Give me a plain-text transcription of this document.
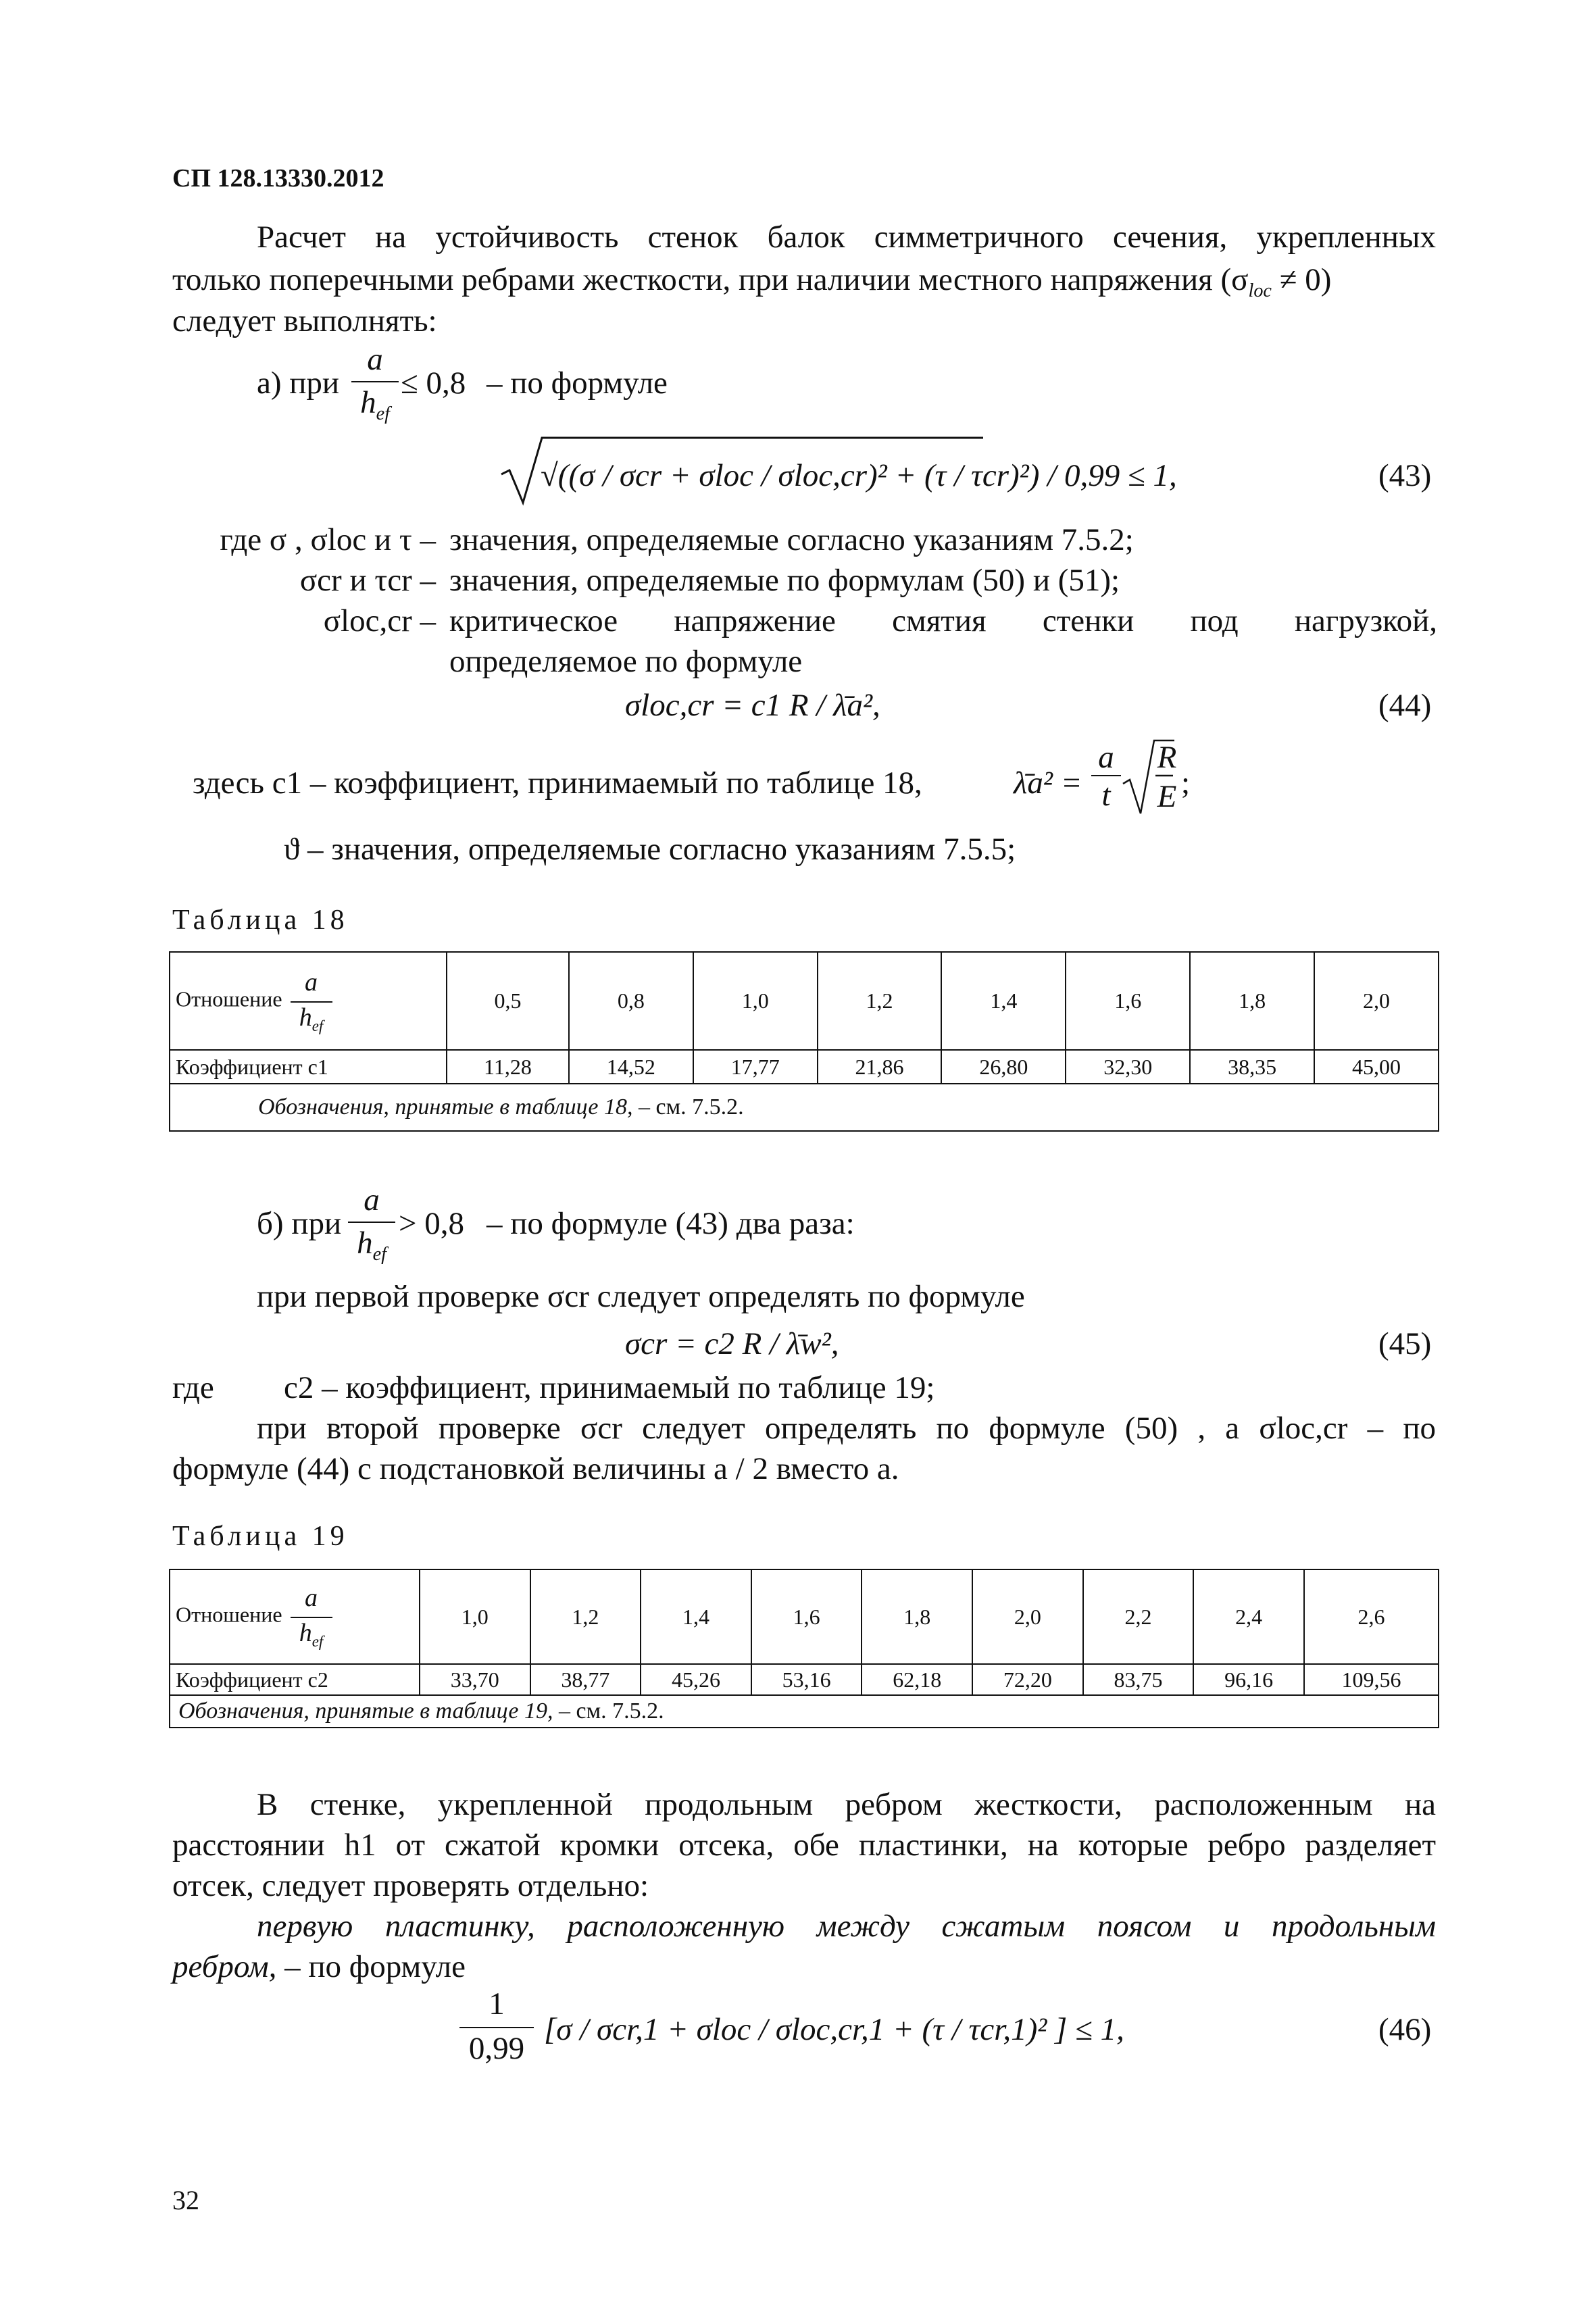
СП 128.13330.2012
Расчет на устойчивость стенок балок симметричного сечения, укрепленных
только поперечными ребрами жесткости, при наличии местного напряжения $(\sigma_{loc} \ne 0)$
следует выполнять:
а) при
a
$h_{ef}$
≤ 0,8 – по формуле
√((σ / σcr + σloc / σloc,cr)² + (τ / τcr)²) / 0,99 ≤ 1,	(43)
где σ , σloc и τ – значения, определяемые согласно указаниям 7.5.2;
σcr и τcr – значения, определяемые по формулам (50) и (51);
σloc,cr – критическое напряжение смятия стенки под нагрузкой,
определяемое по формуле
σloc,cr = c1 R / λ̄a²,	(44)
здесь c1 – коэффициент, принимаемый по таблице 18,	λ̄a² =
a
t
R
E ;
ϑ – значения, определяемые согласно указаниям 7.5.5;
Таблица 18
Отношение $\frac{a}{h_{ef}}$	0,5	0,8	1,0	1,2	1,4	1,6	1,8	2,0
Коэффициент c1	11,28	14,52	17,77	21,86	26,80	32,30	38,35	45,00
Обозначения, принятые в таблице 18, – см. 7.5.2.								
б) при
a
$h_{ef}$
> 0,8 – по формуле (43) два раза:
при первой проверке σcr следует определять по формуле
σcr = c2 R / λ̄w²,	(45)
где c2 – коэффициент, принимаемый по таблице 19;
при второй проверке σcr следует определять по формуле (50) , а σloc,cr – по
формуле (44) с подстановкой величины a / 2 вместо a.
Таблица 19
Отношение $\frac{a}{h_{ef}}$	1,0	1,2	1,4	1,6	1,8	2,0	2,2	2,4	2,6
Коэффициент c2	33,70	38,77	45,26	53,16	62,18	72,20	83,75	96,16	109,56
Обозначения, принятые в таблице 19, – см. 7.5.2.									
В стенке, укрепленной продольным ребром жесткости, расположенным на
расстоянии h1 от сжатой кромки отсека, обе пластинки, на которые ребро разделяет
отсек, следует проверять отдельно:
первую пластинку, расположенную между сжатым поясом и продольным
ребром, – по формуле
1
0,99
[σ / σcr,1 + σloc / σloc,cr,1 + (τ / τcr,1)² ] ≤ 1,	(46)
32
